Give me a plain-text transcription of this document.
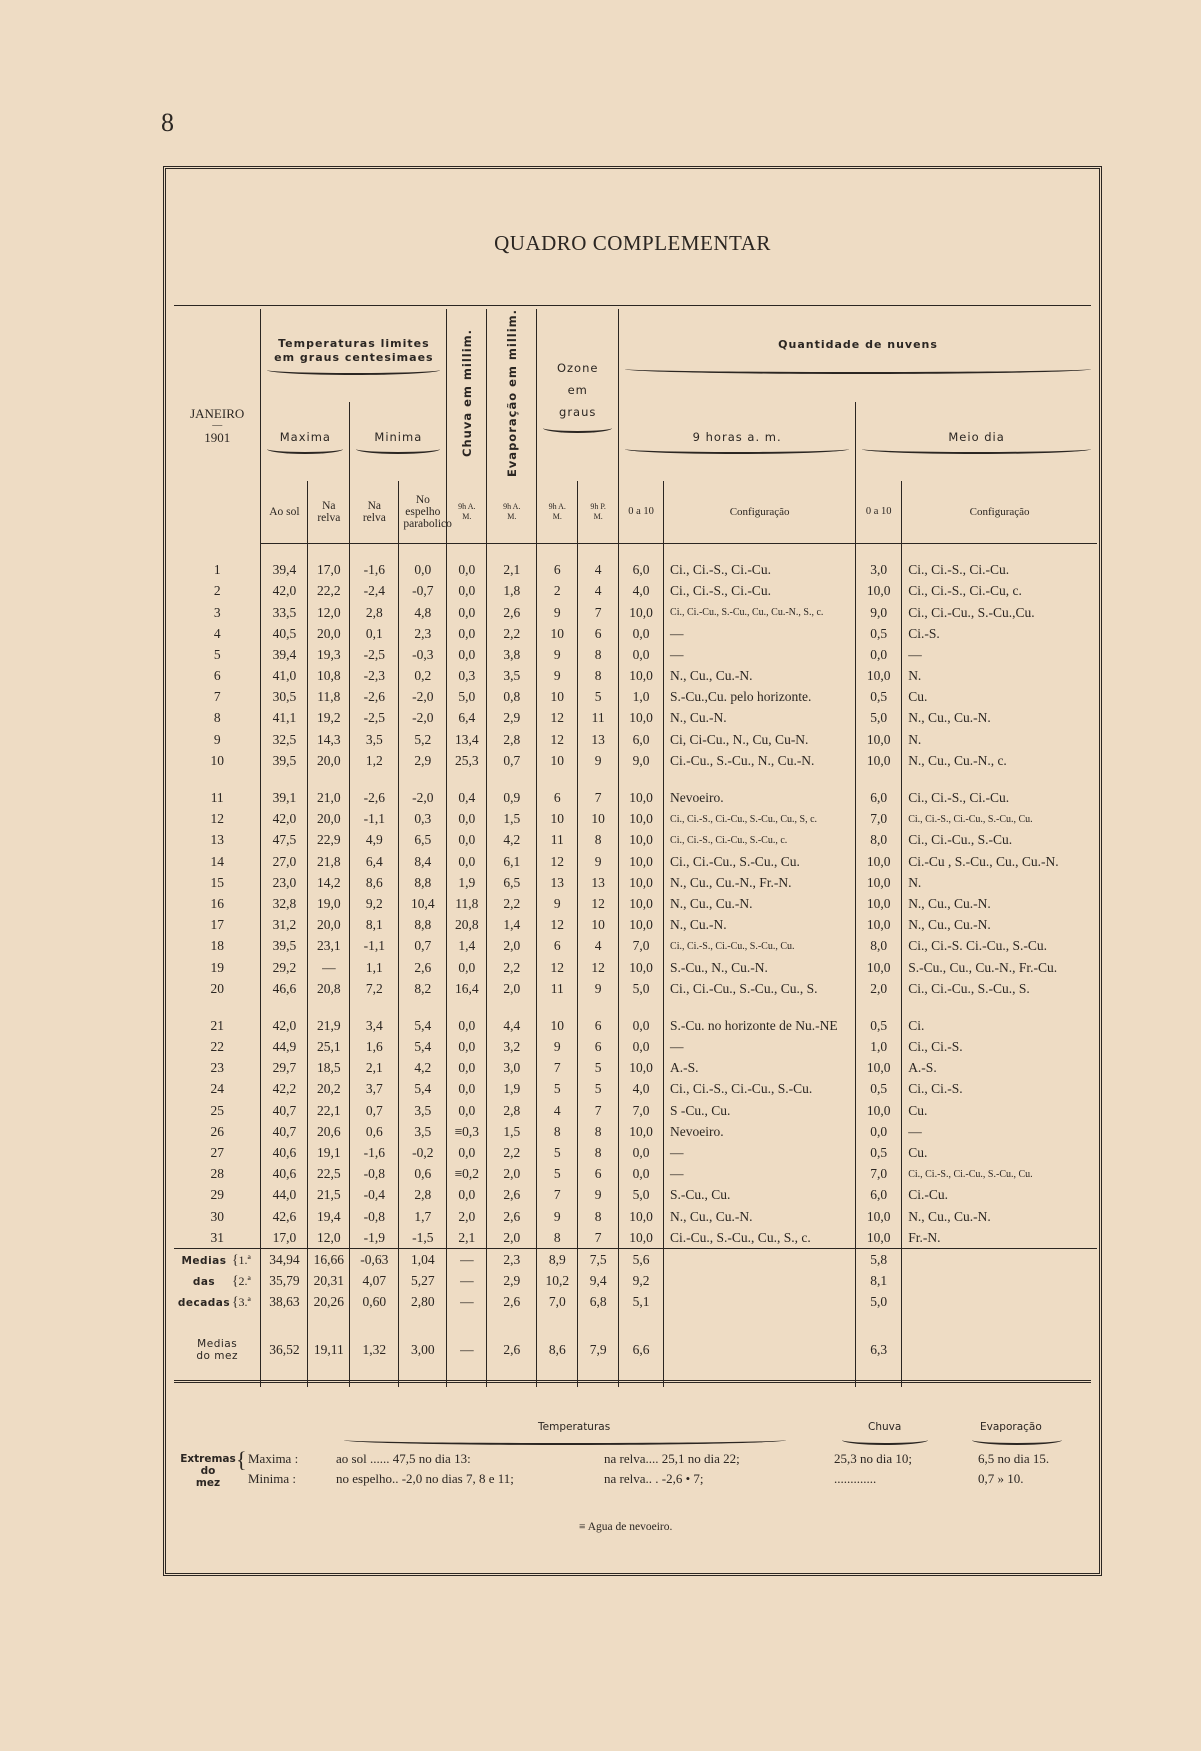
8
QUADRO COMPLEMENTAR
JANEIRO
—
1901	Temperaturas limites em graus centesimaes				Chuva em millim.	Evaporação em millim.	Ozone em graus		Quantidade de nuvens			

	Maxima		Minima						9 horas a. m.		Meio dia	

	Ao sol	Na relva	Na relva	No espelho parabolico	9h A. M.	9h A. M.	9h A. M.	9h P. M.	0 a 10	Configuração	0 a 10	Configuração

1	39,4	17,0	-1,6	0,0	0,0	2,1	6	4	6,0	Ci., Ci.-S., Ci.-Cu.	3,0	Ci., Ci.-S., Ci.-Cu.
2	42,0	22,2	-2,4	-0,7	0,0	1,8	2	4	4,0	Ci., Ci.-S., Ci.-Cu.	10,0	Ci., Ci.-S., Ci.-Cu, c.
3	33,5	12,0	2,8	4,8	0,0	2,6	9	7	10,0	Ci., Ci.-Cu., S.-Cu., Cu., Cu.-N., S., c.	9,0	Ci., Ci.-Cu., S.-Cu.,Cu.
4	40,5	20,0	0,1	2,3	0,0	2,2	10	6	0,0	—	0,5	Ci.-S.
5	39,4	19,3	-2,5	-0,3	0,0	3,8	9	8	0,0	—	0,0	—
6	41,0	10,8	-2,3	0,2	0,3	3,5	9	8	10,0	N., Cu., Cu.-N.	10,0	N.
7	30,5	11,8	-2,6	-2,0	5,0	0,8	10	5	1,0	S.-Cu.,Cu. pelo horizonte.	0,5	Cu.
8	41,1	19,2	-2,5	-2,0	6,4	2,9	12	11	10,0	N., Cu.-N.	5,0	N., Cu., Cu.-N.
9	32,5	14,3	3,5	5,2	13,4	2,8	12	13	6,0	Ci, Ci-Cu., N., Cu, Cu-N.	10,0	N.
10	39,5	20,0	1,2	2,9	25,3	0,7	10	9	9,0	Ci.-Cu., S.-Cu., N., Cu.-N.	10,0	N., Cu., Cu.-N., c.

11	39,1	21,0	-2,6	-2,0	0,4	0,9	6	7	10,0	Nevoeiro.	6,0	Ci., Ci.-S., Ci.-Cu.
12	42,0	20,0	-1,1	0,3	0,0	1,5	10	10	10,0	Ci., Ci.-S., Ci.-Cu., S.-Cu., Cu., S, c.	7,0	Ci., Ci.-S., Ci.-Cu., S.-Cu., Cu.
13	47,5	22,9	4,9	6,5	0,0	4,2	11	8	10,0	Ci., Ci.-S., Ci.-Cu., S.-Cu., c.	8,0	Ci., Ci.-Cu., S.-Cu.
14	27,0	21,8	6,4	8,4	0,0	6,1	12	9	10,0	Ci., Ci.-Cu., S.-Cu., Cu.	10,0	Ci.-Cu , S.-Cu., Cu., Cu.-N.
15	23,0	14,2	8,6	8,8	1,9	6,5	13	13	10,0	N., Cu., Cu.-N., Fr.-N.	10,0	N.
16	32,8	19,0	9,2	10,4	11,8	2,2	9	12	10,0	N., Cu., Cu.-N.	10,0	N., Cu., Cu.-N.
17	31,2	20,0	8,1	8,8	20,8	1,4	12	10	10,0	N., Cu.-N.	10,0	N., Cu., Cu.-N.
18	39,5	23,1	-1,1	0,7	1,4	2,0	6	4	7,0	Ci., Ci.-S., Ci.-Cu., S.-Cu., Cu.	8,0	Ci., Ci.-S. Ci.-Cu., S.-Cu.
19	29,2	—	1,1	2,6	0,0	2,2	12	12	10,0	S.-Cu., N., Cu.-N.	10,0	S.-Cu., Cu., Cu.-N., Fr.-Cu.
20	46,6	20,8	7,2	8,2	16,4	2,0	11	9	5,0	Ci., Ci.-Cu., S.-Cu., Cu., S.	2,0	Ci., Ci.-Cu., S.-Cu., S.

21	42,0	21,9	3,4	5,4	0,0	4,4	10	6	0,0	S.-Cu. no horizonte de Nu.-NE	0,5	Ci.
22	44,9	25,1	1,6	5,4	0,0	3,2	9	6	0,0	—	1,0	Ci., Ci.-S.
23	29,7	18,5	2,1	4,2	0,0	3,0	7	5	10,0	A.-S.	10,0	A.-S.
24	42,2	20,2	3,7	5,4	0,0	1,9	5	5	4,0	Ci., Ci.-S., Ci.-Cu., S.-Cu.	0,5	Ci., Ci.-S.
25	40,7	22,1	0,7	3,5	0,0	2,8	4	7	7,0	S -Cu., Cu.	10,0	Cu.
26	40,7	20,6	0,6	3,5	≡0,3	1,5	8	8	10,0	Nevoeiro.	0,0	—
27	40,6	19,1	-1,6	-0,2	0,0	2,2	5	8	0,0	—	0,5	Cu.
28	40,6	22,5	-0,8	0,6	≡0,2	2,0	5	6	0,0	—	7,0	Ci., Ci.-S., Ci.-Cu., S.-Cu., Cu.
29	44,0	21,5	-0,4	2,8	0,0	2,6	7	9	5,0	S.-Cu., Cu.	6,0	Ci.-Cu.
30	42,6	19,4	-0,8	1,7	2,0	2,6	9	8	10,0	N., Cu., Cu.-N.	10,0	N., Cu., Cu.-N.
31	17,0	12,0	-1,9	-1,5	2,1	2,0	8	7	10,0	Ci.-Cu., S.-Cu., Cu., S., c.	10,0	Fr.-N.
Medias {1.ª	34,94	16,66	-0,63	1,04	—	2,3	8,9	7,5	5,6		5,8	
das {2.ª	35,79	20,31	4,07	5,27	—	2,9	10,2	9,4	9,2		8,1	
decadas {3.ª	38,63	20,26	0,60	2,80	—	2,6	7,0	6,8	5,1		5,0	

Medias
do mez	36,52	19,11	1,32	3,00	—	2,6	8,6	7,9	6,6		6,3	

Temperaturas	Chuva	Evaporação
Extremas
do
mez
{ Maxima :
Minima :
ao sol ...... 47,5 no dia 13:	na relva.... 25,1 no dia 22;	25,3 no dia 10;	6,5 no dia 15.
no espelho.. -2,0 no dias 7, 8 e 11;	na relva.. . -2,6 • 7;	.............	0,7 » 10.
≡ Agua de nevoeiro.
